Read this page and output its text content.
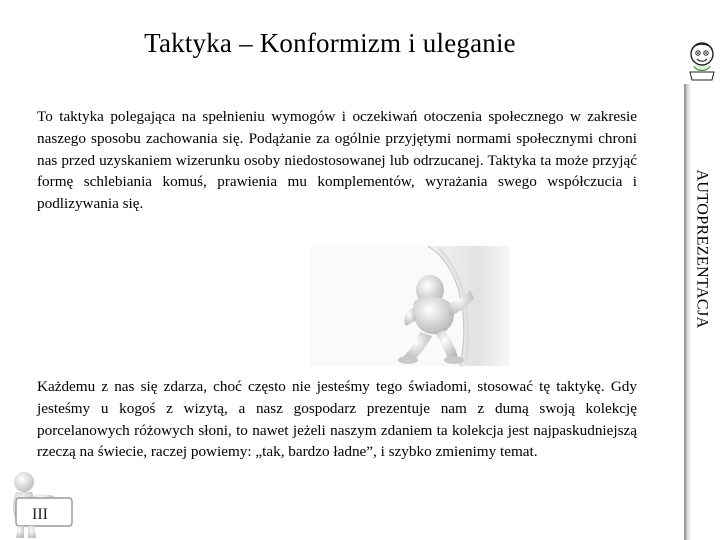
Taktyka – Konformizm i uleganie
To taktyka polegająca na spełnieniu wymogów i oczekiwań otoczenia społecznego w zakresie naszego sposobu zachowania się. Podążanie za ogólnie przyjętymi normami społecznymi chroni nas przed uzyskaniem wizerunku osoby niedostosowanej lub odrzucanej. Taktyka ta może przyjąć formę schlebiania komuś, prawienia mu komplementów, wyrażania swego współczucia i podlizywania się.
Każdemu z nas się zdarza, choć często nie jesteśmy tego świadomi, stosować tę taktykę. Gdy jesteśmy u kogoś z wizytą, a nasz gospodarz prezentuje nam z dumą swoją kolekcję porcelanowych różowych słoni, to nawet jeżeli naszym zdaniem ta kolekcja jest najpaskudniejszą rzeczą na świecie, raczej powiemy: „tak, bardzo ładne”, i szybko zmienimy temat.
AUTOPREZENTACJA
III
